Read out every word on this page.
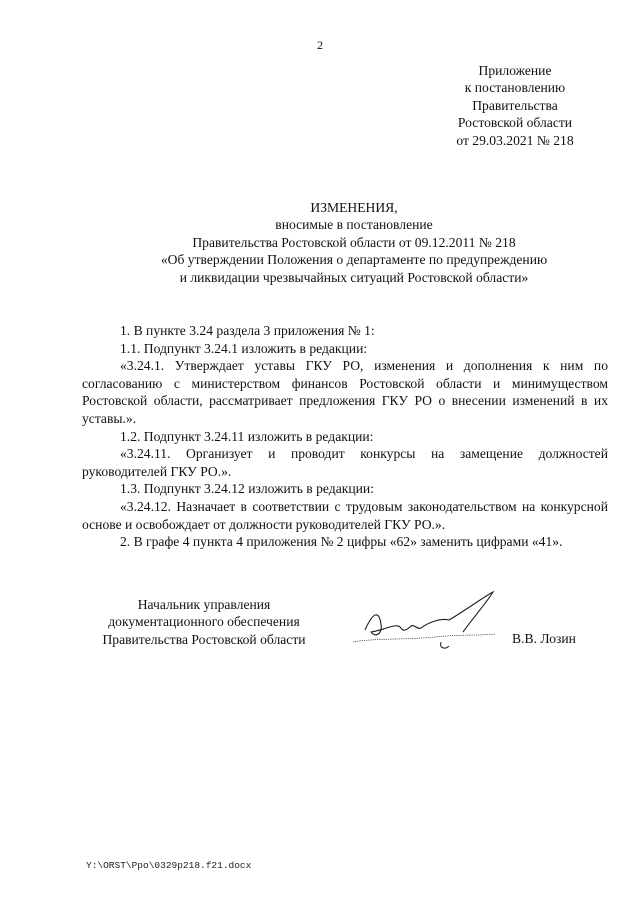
2
Приложение
к постановлению
Правительства
Ростовской области
от 29.03.2021 № 218
ИЗМЕНЕНИЯ,
вносимые в постановление
Правительства Ростовской области от 09.12.2011 № 218
«Об утверждении Положения о департаменте по предупреждению
и ликвидации чрезвычайных ситуаций Ростовской области»

1. В пункте 3.24 раздела 3 приложения № 1:

1.1. Подпункт 3.24.1 изложить в редакции:

«3.24.1. Утверждает уставы ГКУ РО, изменения и дополнения к ним по согласованию с министерством финансов Ростовской области и минимуществом Ростовской области, рассматривает предложения ГКУ РО о внесении изменений в их уставы.».

1.2. Подпункт 3.24.11 изложить в редакции:

«3.24.11. Организует и проводит конкурсы на замещение должностей руководителей ГКУ РО.».

1.3. Подпункт 3.24.12 изложить в редакции:

«3.24.12. Назначает в соответствии с трудовым законодательством на конкурсной основе и освобождает от должности руководителей ГКУ РО.».

2. В графе 4 пункта 4 приложения № 2 цифры «62» заменить цифрами «41».

Начальник управления
документационного обеспечения
Правительства Ростовской области	В.В. Лозин
Y:\ORST\Ppo\0329p218.f21.docx
